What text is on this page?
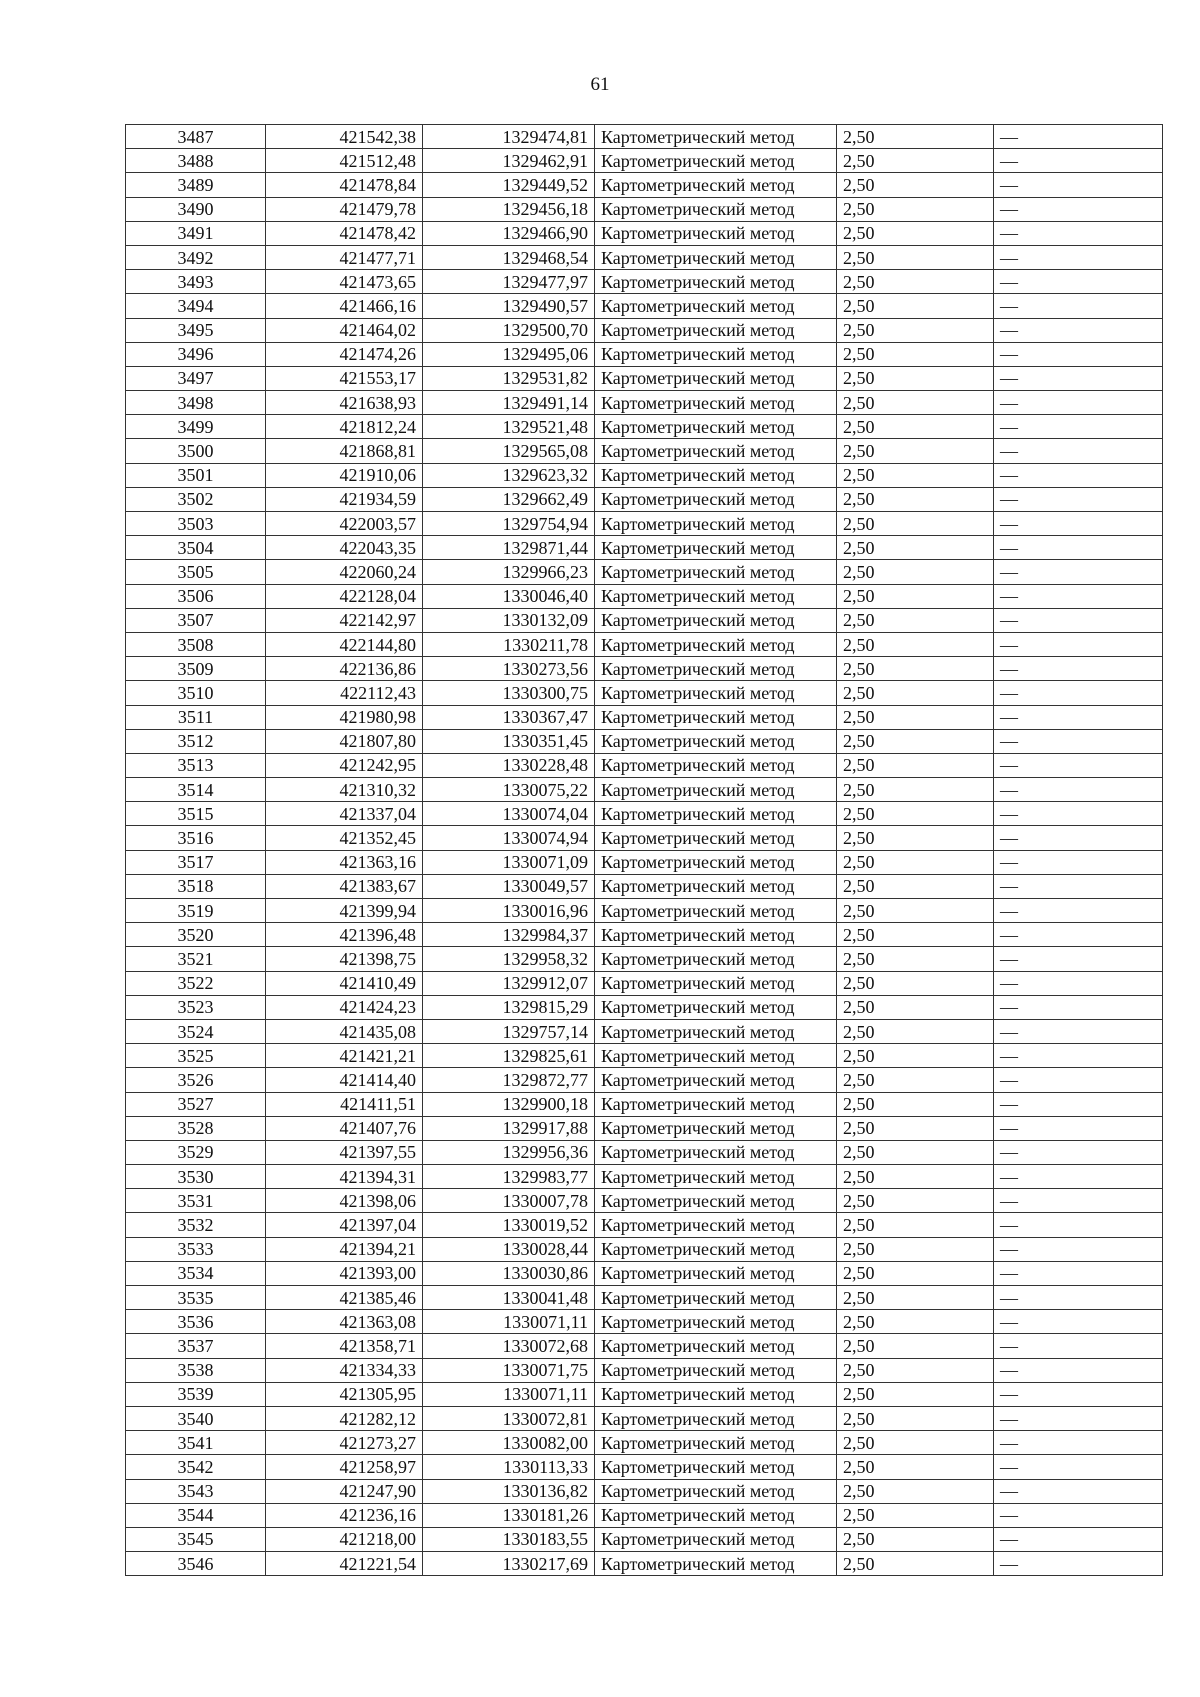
61
3487	421542,38	1329474,81	Картометрический метод	2,50	—
3488	421512,48	1329462,91	Картометрический метод	2,50	—
3489	421478,84	1329449,52	Картометрический метод	2,50	—
3490	421479,78	1329456,18	Картометрический метод	2,50	—
3491	421478,42	1329466,90	Картометрический метод	2,50	—
3492	421477,71	1329468,54	Картометрический метод	2,50	—
3493	421473,65	1329477,97	Картометрический метод	2,50	—
3494	421466,16	1329490,57	Картометрический метод	2,50	—
3495	421464,02	1329500,70	Картометрический метод	2,50	—
3496	421474,26	1329495,06	Картометрический метод	2,50	—
3497	421553,17	1329531,82	Картометрический метод	2,50	—
3498	421638,93	1329491,14	Картометрический метод	2,50	—
3499	421812,24	1329521,48	Картометрический метод	2,50	—
3500	421868,81	1329565,08	Картометрический метод	2,50	—
3501	421910,06	1329623,32	Картометрический метод	2,50	—
3502	421934,59	1329662,49	Картометрический метод	2,50	—
3503	422003,57	1329754,94	Картометрический метод	2,50	—
3504	422043,35	1329871,44	Картометрический метод	2,50	—
3505	422060,24	1329966,23	Картометрический метод	2,50	—
3506	422128,04	1330046,40	Картометрический метод	2,50	—
3507	422142,97	1330132,09	Картометрический метод	2,50	—
3508	422144,80	1330211,78	Картометрический метод	2,50	—
3509	422136,86	1330273,56	Картометрический метод	2,50	—
3510	422112,43	1330300,75	Картометрический метод	2,50	—
3511	421980,98	1330367,47	Картометрический метод	2,50	—
3512	421807,80	1330351,45	Картометрический метод	2,50	—
3513	421242,95	1330228,48	Картометрический метод	2,50	—
3514	421310,32	1330075,22	Картометрический метод	2,50	—
3515	421337,04	1330074,04	Картометрический метод	2,50	—
3516	421352,45	1330074,94	Картометрический метод	2,50	—
3517	421363,16	1330071,09	Картометрический метод	2,50	—
3518	421383,67	1330049,57	Картометрический метод	2,50	—
3519	421399,94	1330016,96	Картометрический метод	2,50	—
3520	421396,48	1329984,37	Картометрический метод	2,50	—
3521	421398,75	1329958,32	Картометрический метод	2,50	—
3522	421410,49	1329912,07	Картометрический метод	2,50	—
3523	421424,23	1329815,29	Картометрический метод	2,50	—
3524	421435,08	1329757,14	Картометрический метод	2,50	—
3525	421421,21	1329825,61	Картометрический метод	2,50	—
3526	421414,40	1329872,77	Картометрический метод	2,50	—
3527	421411,51	1329900,18	Картометрический метод	2,50	—
3528	421407,76	1329917,88	Картометрический метод	2,50	—
3529	421397,55	1329956,36	Картометрический метод	2,50	—
3530	421394,31	1329983,77	Картометрический метод	2,50	—
3531	421398,06	1330007,78	Картометрический метод	2,50	—
3532	421397,04	1330019,52	Картометрический метод	2,50	—
3533	421394,21	1330028,44	Картометрический метод	2,50	—
3534	421393,00	1330030,86	Картометрический метод	2,50	—
3535	421385,46	1330041,48	Картометрический метод	2,50	—
3536	421363,08	1330071,11	Картометрический метод	2,50	—
3537	421358,71	1330072,68	Картометрический метод	2,50	—
3538	421334,33	1330071,75	Картометрический метод	2,50	—
3539	421305,95	1330071,11	Картометрический метод	2,50	—
3540	421282,12	1330072,81	Картометрический метод	2,50	—
3541	421273,27	1330082,00	Картометрический метод	2,50	—
3542	421258,97	1330113,33	Картометрический метод	2,50	—
3543	421247,90	1330136,82	Картометрический метод	2,50	—
3544	421236,16	1330181,26	Картометрический метод	2,50	—
3545	421218,00	1330183,55	Картометрический метод	2,50	—
3546	421221,54	1330217,69	Картометрический метод	2,50	—
